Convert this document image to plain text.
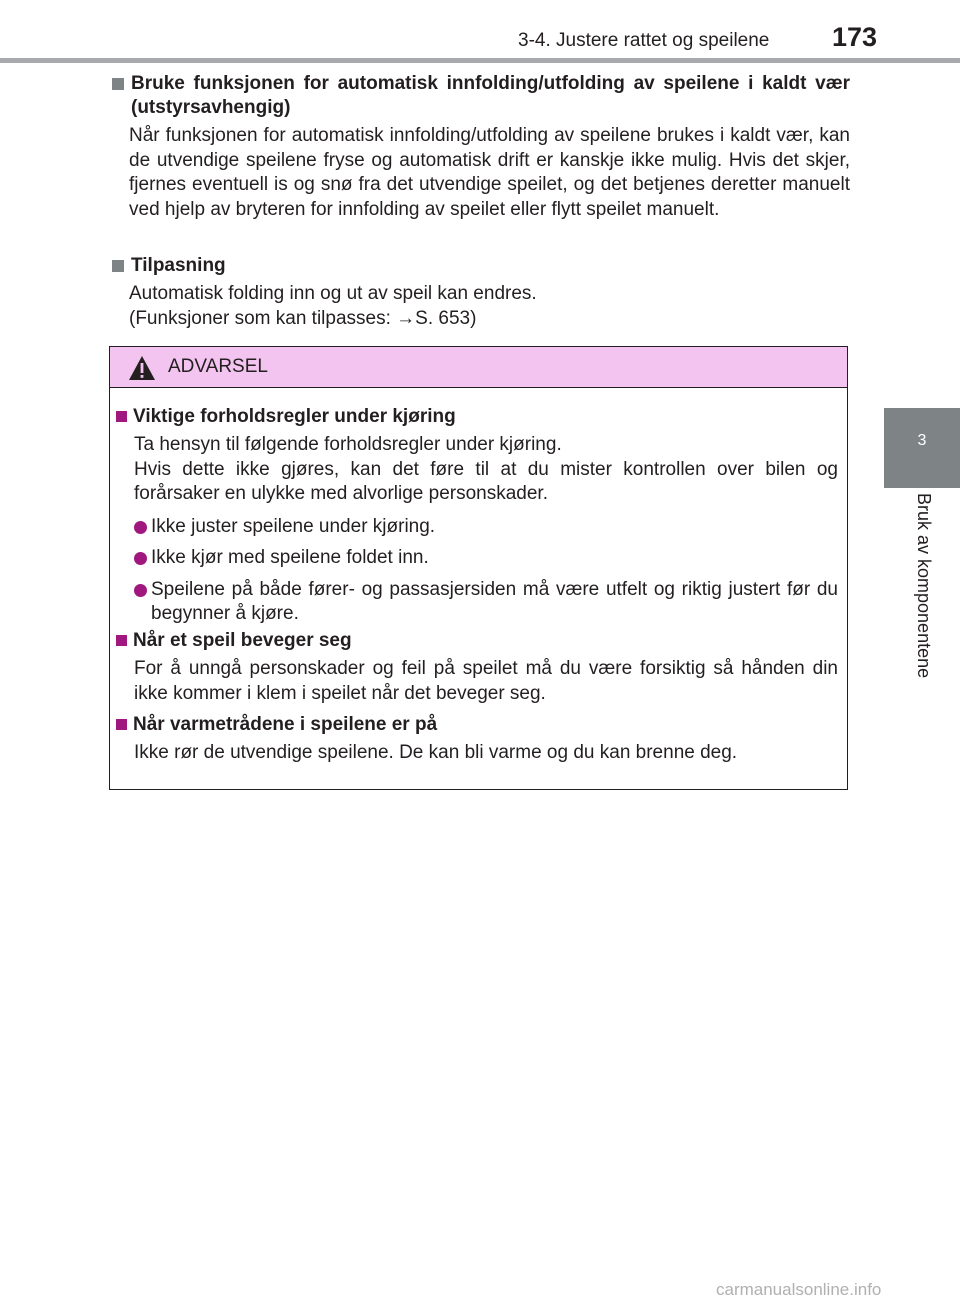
3-4. Justere rattet og speilene 173
3
Bruk av komponentene
Bruke funksjonen for automatisk innfolding/utfolding av speilene i kaldt vær (utstyrsavhengig)
Når funksjonen for automatisk innfolding/utfolding av speilene brukes i kaldt vær, kan de utvendige speilene fryse og automatisk drift er kanskje ikke mulig. Hvis det skjer, fjernes eventuell is og snø fra det utvendige speilet, og det betjenes deretter manuelt ved hjelp av bryteren for innfolding av speilet eller flytt speilet manuelt.
Tilpasning
Automatisk folding inn og ut av speil kan endres.
(Funksjoner som kan tilpasses: →S. 653)
ADVARSEL
Viktige forholdsregler under kjøring
Ta hensyn til følgende forholdsregler under kjøring.
Hvis dette ikke gjøres, kan det føre til at du mister kontrollen over bilen og forårsaker en ulykke med alvorlige personskader.
Ikke juster speilene under kjøring.
Ikke kjør med speilene foldet inn.
Speilene på både fører- og passasjersiden må være utfelt og riktig justert før du begynner å kjøre.
Når et speil beveger seg
For å unngå personskader og feil på speilet må du være forsiktig så hånden din ikke kommer i klem i speilet når det beveger seg.
Når varmetrådene i speilene er på
Ikke rør de utvendige speilene. De kan bli varme og du kan brenne deg.
carmanualsonline.info
